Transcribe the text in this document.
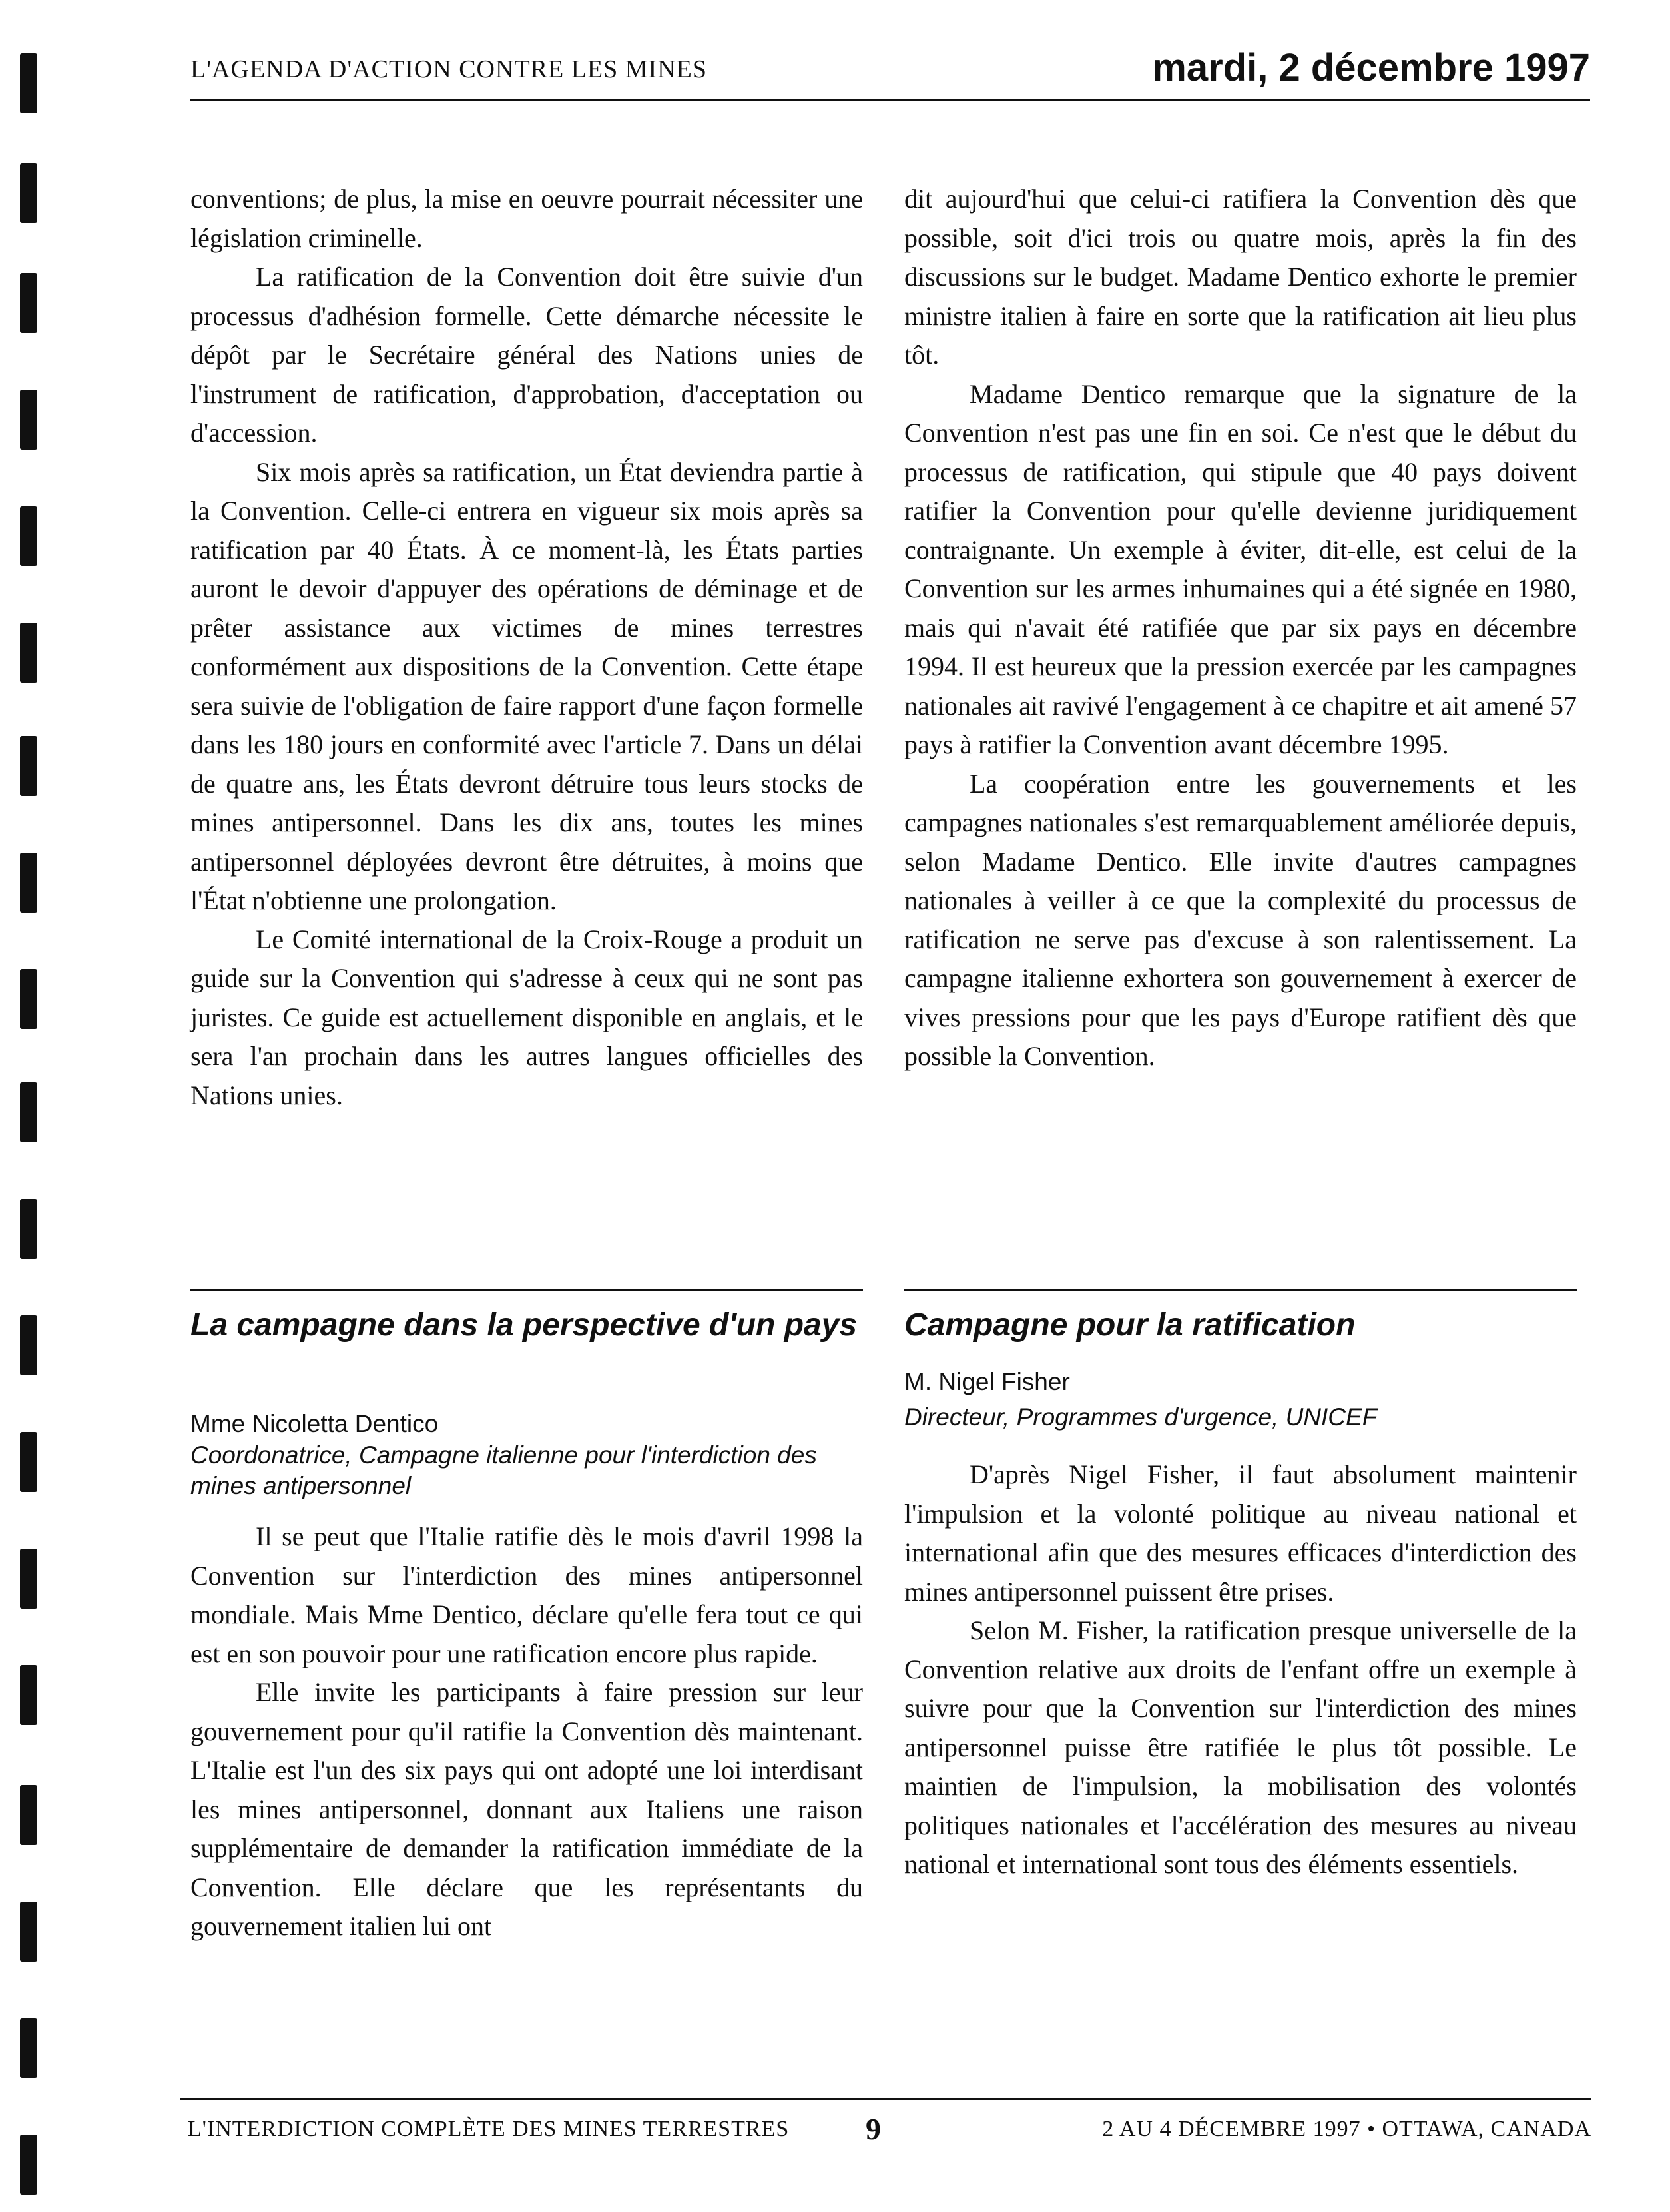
L'AGENDA D'ACTION CONTRE LES MINES	mardi, 2 décembre 1997

conventions; de plus, la mise en oeuvre pourrait nécessiter une législation criminelle.

La ratification de la Convention doit être suivie d'un processus d'adhésion formelle. Cette démarche nécessite le dépôt par le Secrétaire général des Nations unies de l'instrument de ratification, d'approbation, d'acceptation ou d'accession.

Six mois après sa ratification, un État deviendra partie à la Convention. Celle-ci entrera en vigueur six mois après sa ratification par 40 États. À ce moment-là, les États parties auront le devoir d'appuyer des opérations de déminage et de prêter assistance aux victimes de mines terrestres conformément aux dispositions de la Convention. Cette étape sera suivie de l'obligation de faire rapport d'une façon formelle dans les 180 jours en conformité avec l'article 7. Dans un délai de quatre ans, les États devront détruire tous leurs stocks de mines antipersonnel. Dans les dix ans, toutes les mines antipersonnel déployées devront être détruites, à moins que l'État n'obtienne une prolongation.

Le Comité international de la Croix-Rouge a produit un guide sur la Convention qui s'adresse à ceux qui ne sont pas juristes. Ce guide est actuellement disponible en anglais, et le sera l'an prochain dans les autres langues officielles des Nations unies.

dit aujourd'hui que celui-ci ratifiera la Convention dès que possible, soit d'ici trois ou quatre mois, après la fin des discussions sur le budget. Madame Dentico exhorte le premier ministre italien à faire en sorte que la ratification ait lieu plus tôt.

Madame Dentico remarque que la signature de la Convention n'est pas une fin en soi. Ce n'est que le début du processus de ratification, qui stipule que 40 pays doivent ratifier la Convention pour qu'elle devienne juridiquement contraignante. Un exemple à éviter, dit-elle, est celui de la Convention sur les armes inhumaines qui a été signée en 1980, mais qui n'avait été ratifiée que par six pays en décembre 1994. Il est heureux que la pression exercée par les campagnes nationales ait ravivé l'engagement à ce chapitre et ait amené 57 pays à ratifier la Convention avant décembre 1995.

La coopération entre les gouvernements et les campagnes nationales s'est remarquablement améliorée depuis, selon Madame Dentico. Elle invite d'autres campagnes nationales à veiller à ce que la complexité du processus de ratification ne serve pas d'excuse à son ralentissement. La campagne italienne exhortera son gouvernement à exercer de vives pressions pour que les pays d'Europe ratifient dès que possible la Convention.

La campagne dans la perspective d'un pays
Mme Nicoletta Dentico
Coordonatrice, Campagne italienne pour l'interdiction des mines antipersonnel

Il se peut que l'Italie ratifie dès le mois d'avril 1998 la Convention sur l'interdiction des mines antipersonnel mondiale. Mais Mme Dentico, déclare qu'elle fera tout ce qui est en son pouvoir pour une ratification encore plus rapide.

Elle invite les participants à faire pression sur leur gouvernement pour qu'il ratifie la Convention dès maintenant. L'Italie est l'un des six pays qui ont adopté une loi interdisant les mines antipersonnel, donnant aux Italiens une raison supplémentaire de demander la ratification immédiate de la Convention. Elle déclare que les représentants du gouvernement italien lui ont

Campagne pour la ratification
M. Nigel Fisher
Directeur, Programmes d'urgence, UNICEF

D'après Nigel Fisher, il faut absolument maintenir l'impulsion et la volonté politique au niveau national et international afin que des mesures efficaces d'interdiction des mines antipersonnel puissent être prises.

Selon M. Fisher, la ratification presque universelle de la Convention relative aux droits de l'enfant offre un exemple à suivre pour que la Convention sur l'interdiction des mines antipersonnel puisse être ratifiée le plus tôt possible. Le maintien de l'impulsion, la mobilisation des volontés politiques nationales et l'accélération des mesures au niveau national et international sont tous des éléments essentiels.

L'INTERDICTION COMPLÈTE DES MINES TERRESTRES 9	2 AU 4 DÉCEMBRE 1997 • OTTAWA, CANADA
